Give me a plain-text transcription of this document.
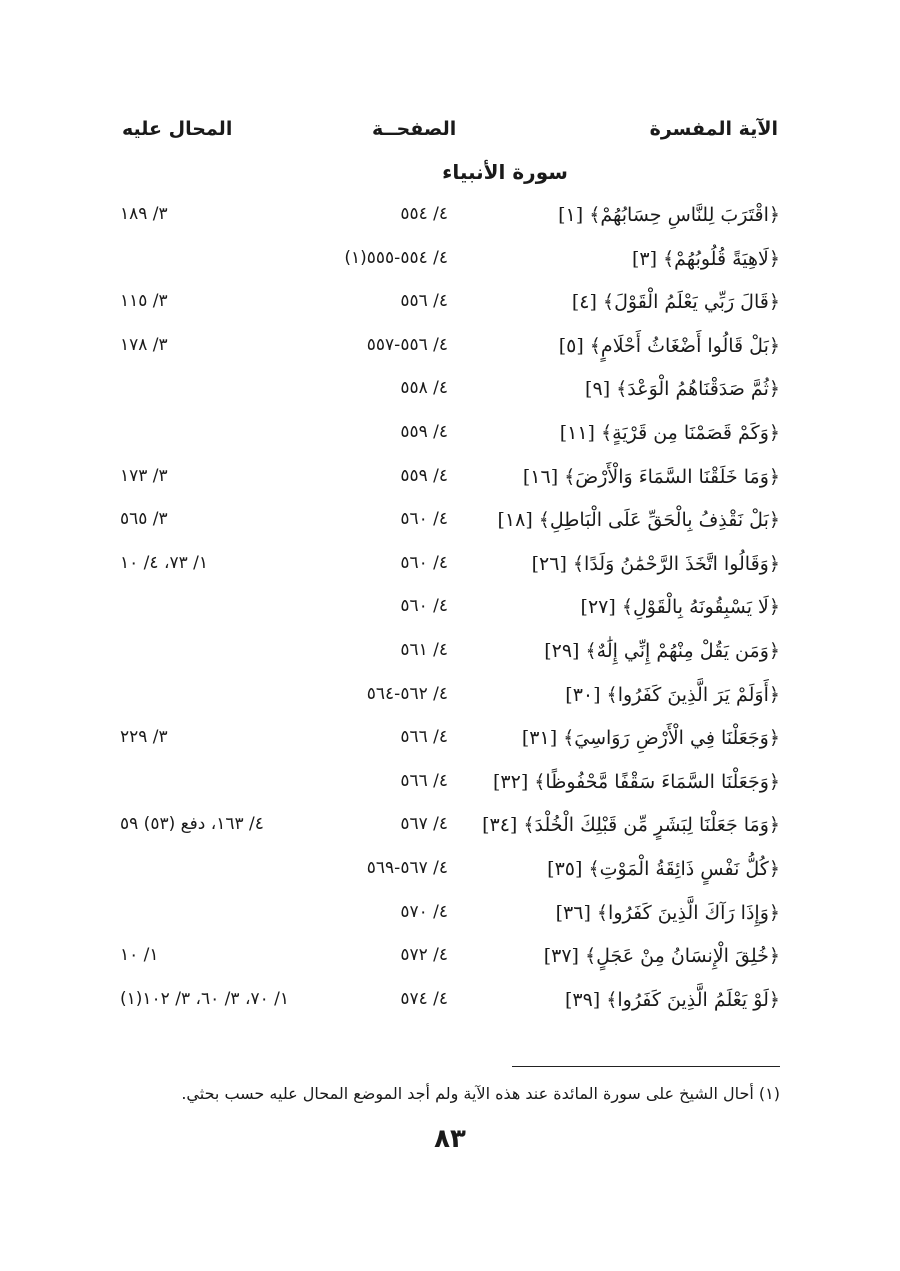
الآية المفسرة
الصفحــة
المحال عليه
سورة الأنبياء
﴿اقْتَرَبَ لِلنَّاسِ حِسَابُهُمْ﴾ [١]
٤/ ٥٥٤
٣/ ١٨٩
﴿لَاهِيَةً قُلُوبُهُمْ﴾ [٣]
٤/ ٥٥٤-٥٥٥(١)
﴿قَالَ رَبِّي يَعْلَمُ الْقَوْلَ﴾ [٤]
٤/ ٥٥٦
٣/ ١١٥
﴿بَلْ قَالُوا أَضْغَاثُ أَحْلَامٍ﴾ [٥]
٤/ ٥٥٦-٥٥٧
٣/ ١٧٨
﴿ثُمَّ صَدَقْنَاهُمُ الْوَعْدَ﴾ [٩]
٤/ ٥٥٨
﴿وَكَمْ قَصَمْنَا مِن قَرْيَةٍ﴾ [١١]
٤/ ٥٥٩
﴿وَمَا خَلَقْنَا السَّمَاءَ وَالْأَرْضَ﴾ [١٦]
٤/ ٥٥٩
٣/ ١٧٣
﴿بَلْ نَقْذِفُ بِالْحَقِّ عَلَى الْبَاطِلِ﴾ [١٨]
٤/ ٥٦٠
٣/ ٥٦٥
﴿وَقَالُوا اتَّخَذَ الرَّحْمَٰنُ وَلَدًا﴾ [٢٦]
٤/ ٥٦٠
١/ ٧٣، ٤/ ١٠
﴿لَا يَسْبِقُونَهُ بِالْقَوْلِ﴾ [٢٧]
٤/ ٥٦٠
﴿وَمَن يَقُلْ مِنْهُمْ إِنِّي إِلَٰهٌ﴾ [٢٩]
٤/ ٥٦١
﴿أَوَلَمْ يَرَ الَّذِينَ كَفَرُوا﴾ [٣٠]
٤/ ٥٦٢-٥٦٤
﴿وَجَعَلْنَا فِي الْأَرْضِ رَوَاسِيَ﴾ [٣١]
٤/ ٥٦٦
٣/ ٢٢٩
﴿وَجَعَلْنَا السَّمَاءَ سَقْفًا مَّحْفُوظًا﴾ [٣٢]
٤/ ٥٦٦
﴿وَمَا جَعَلْنَا لِبَشَرٍ مِّن قَبْلِكَ الْخُلْدَ﴾ [٣٤]
٤/ ٥٦٧
٤/ ١٦٣، دفع (٥٣) ٥٩
﴿كُلُّ نَفْسٍ ذَائِقَةُ الْمَوْتِ﴾ [٣٥]
٤/ ٥٦٧-٥٦٩
﴿وَإِذَا رَآكَ الَّذِينَ كَفَرُوا﴾ [٣٦]
٤/ ٥٧٠
﴿خُلِقَ الْإِنسَانُ مِنْ عَجَلٍ﴾ [٣٧]
٤/ ٥٧٢
١/ ١٠
﴿لَوْ يَعْلَمُ الَّذِينَ كَفَرُوا﴾ [٣٩]
٤/ ٥٧٤
١/ ٧٠، ٣/ ٦٠، ٣/ ١٠٢(١)
(١) أحال الشيخ على سورة المائدة عند هذه الآية ولم أجد الموضع المحال عليه حسب بحثي.
٨٣
